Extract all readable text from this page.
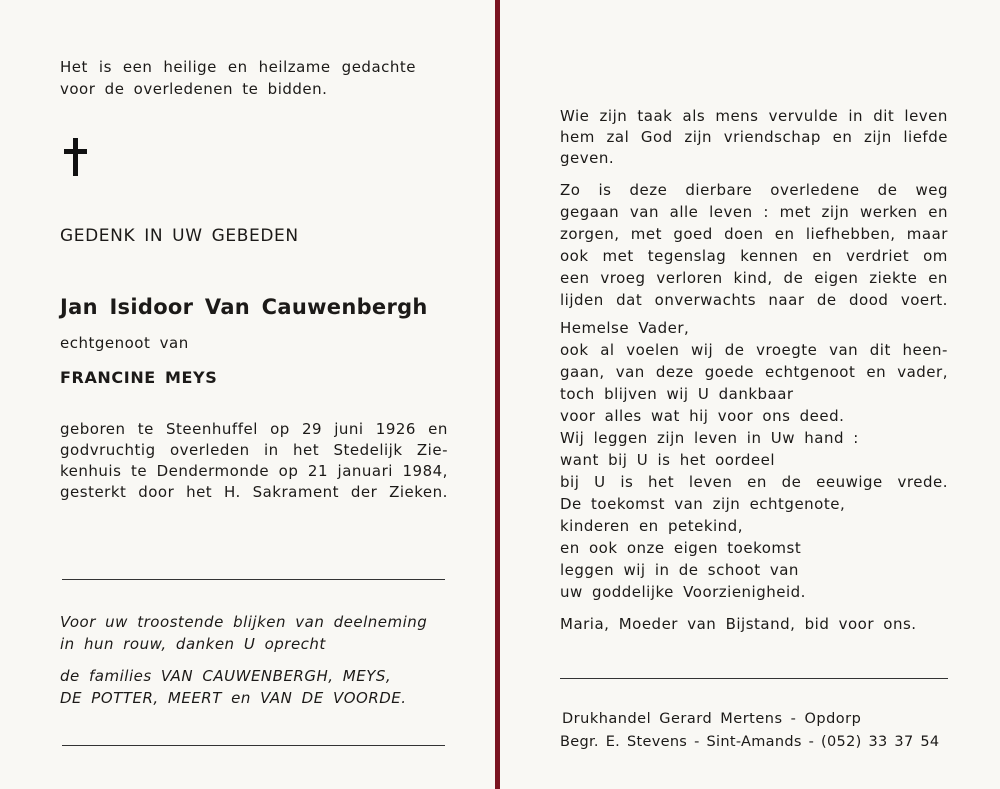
Het is een heilige en heilzame gedachte
voor de overledenen te bidden.
GEDENK IN UW GEBEDEN
Jan Isidoor Van Cauwenbergh
echtgenoot van
FRANCINE MEYS
geboren te Steenhuffel op 29 juni 1926 en
godvruchtig overleden in het Stedelijk Zie-
kenhuis te Dendermonde op 21 januari 1984,
gesterkt door het H. Sakrament der Zieken.
Voor uw troostende blijken van deelneming
in hun rouw, danken U oprecht
de families VAN CAUWENBERGH, MEYS,
DE POTTER, MEERT en VAN DE VOORDE.
Wie zijn taak als mens vervulde in dit leven
hem zal God zijn vriendschap en zijn liefde
geven.
Zo is deze dierbare overledene de weg
gegaan van alle leven : met zijn werken en
zorgen, met goed doen en liefhebben, maar
ook met tegenslag kennen en verdriet om
een vroeg verloren kind, de eigen ziekte en
lijden dat onverwachts naar de dood voert.
Hemelse Vader,
ook al voelen wij de vroegte van dit heen-
gaan, van deze goede echtgenoot en vader,
toch blijven wij U dankbaar
voor alles wat hij voor ons deed.
Wij leggen zijn leven in Uw hand :
want bij U is het oordeel
bij U is het leven en de eeuwige vrede.
De toekomst van zijn echtgenote,
kinderen en petekind,
en ook onze eigen toekomst
leggen wij in de schoot van
uw goddelijke Voorzienigheid.
Maria, Moeder van Bijstand, bid voor ons.
Drukhandel Gerard Mertens - Opdorp
Begr. E. Stevens - Sint-Amands - (052) 33 37 54
